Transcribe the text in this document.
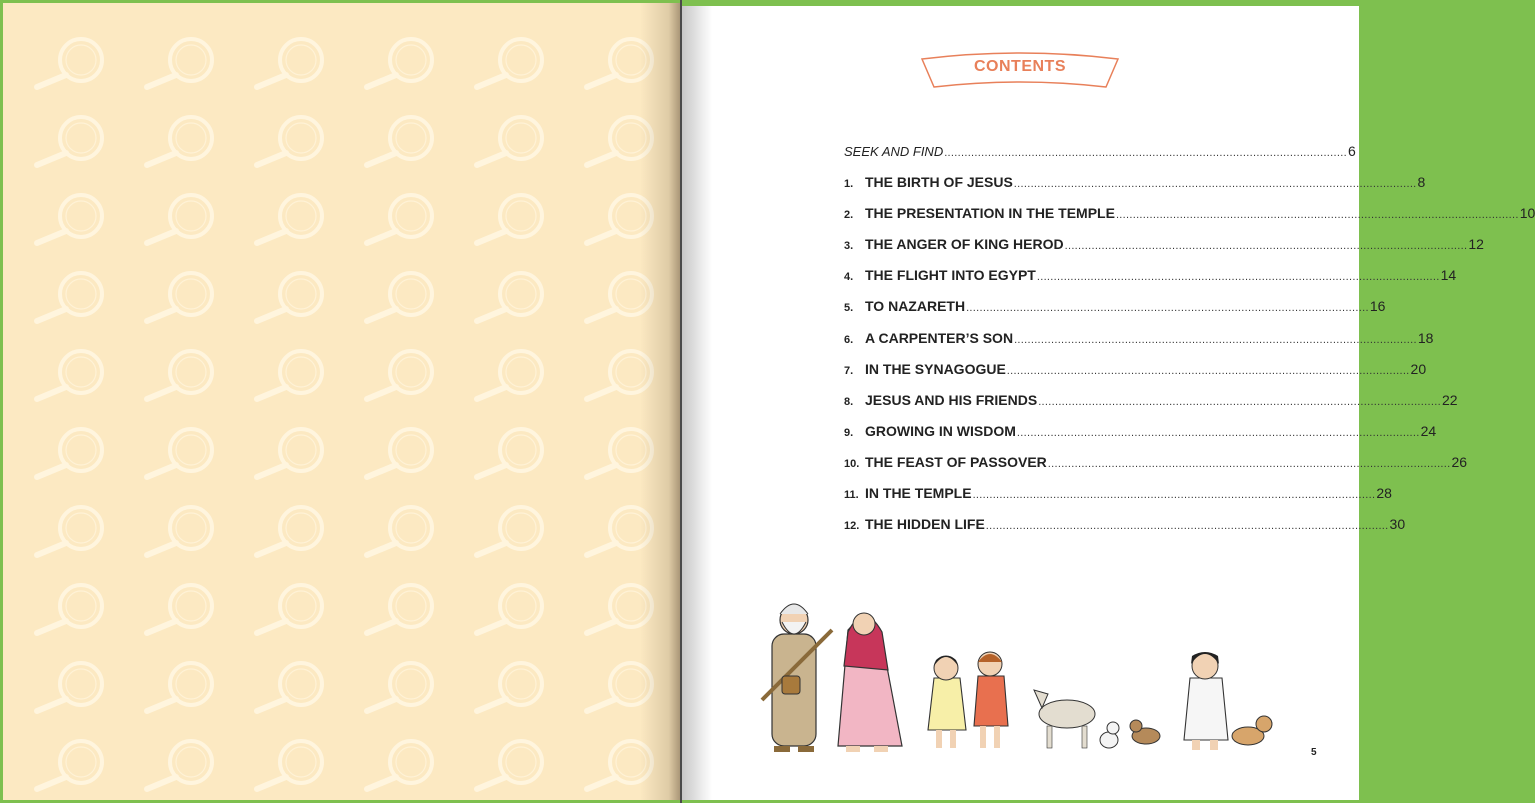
CONTENTS
SEEK AND FIND ........................................................................................................................ 6
1. THE BIRTH OF JESUS ........................................................................................................................ 8
2. THE PRESENTATION IN THE TEMPLE ........................................................................................................................ 10
3. THE ANGER OF KING HEROD ........................................................................................................................ 12
4. THE FLIGHT INTO EGYPT ........................................................................................................................ 14
5. TO NAZARETH ........................................................................................................................ 16
6. A CARPENTER’S SON ........................................................................................................................ 18
7. IN THE SYNAGOGUE ........................................................................................................................ 20
8. JESUS AND HIS FRIENDS ........................................................................................................................ 22
9. GROWING IN WISDOM ........................................................................................................................ 24
10. THE FEAST OF PASSOVER ........................................................................................................................ 26
11. IN THE TEMPLE ........................................................................................................................ 28
12. THE HIDDEN LIFE ........................................................................................................................ 30
5
